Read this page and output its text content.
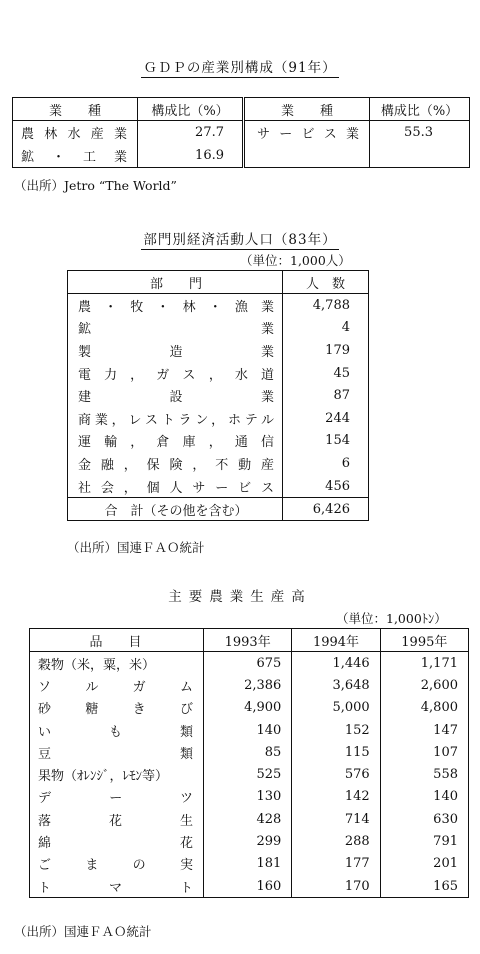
ＧＤＰの産業別構成（91年）
業　　種	構成比（%）	業　　種	構成比（%）
農林水産業	27.7	サービス業	55.3
鉱・工業	16.9		
（出所）Jetro “The World”
部門別経済活動人口（83年）
（単位：1,000人）
部　　門	人　数
農・牧・林・漁業	4,788

鉱 業	4
製造業	179
電力，ガス，水道	45
建設業	87
商業，レストラン，ホテル	244
運輸，倉庫，通信	154
金融，保険，不動産	6
社会，個人サービス	456
合　計（その他を含む）	6,426
（出所）国連ＦＡＯ統計
主要農業生産高
（単位：1,000ﾄﾝ）
品　　目	1993年	1994年	1995年
穀物（米，粟，米）	675	1,446	1,171
ソルガム	2,386	3,648	2,600
砂糖きび	4,900	5,000	4,800
いも類	140	152	147
豆類	85	115	107
果物（ｵﾚﾝｼﾞ，ﾚﾓﾝ等）	525	576	558
デーツ	130	142	140
落花生	428	714	630
綿花	299	288	791
ごまの実	181	177	201
トマト	160	170	165
（出所）国連ＦＡＯ統計
